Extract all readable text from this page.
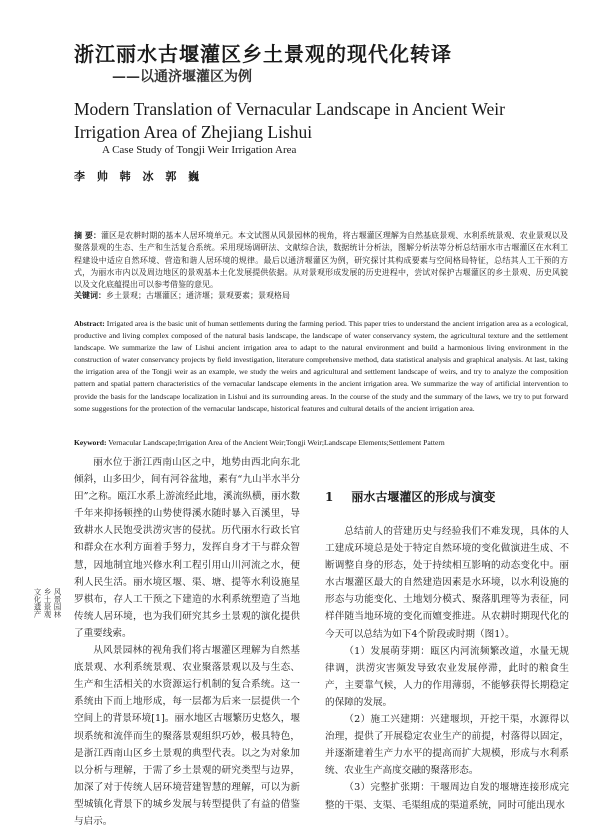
浙江丽水古堰灌区乡土景观的现代化转译
——以通济堰灌区为例
Modern Translation of Vernacular Landscape in Ancient Weir Irrigation Area of Zhejiang Lishui
A Case Study of Tongji Weir Irrigation Area
李 帅 韩 冰 郭 巍
摘 要：灌区是农耕时期的基本人居环境单元。本文试图从风景园林的视角，将古堰灌区理解为自然基底景观、水利系统景观、农业景观以及聚落景观的生态、生产和生活复合系统。采用现场调研法、文献综合法，数据统计分析法，图解分析法等分析总结丽水市古堰灌区在水利工程建设中适应自然环境、营造和谐人居环境的规律。最后以通济堰灌区为例，研究探讨其构成要素与空间格局特征，总结其人工干预的方式，为丽水市内以及周边地区的景观基本土化发展提供依据。从对景观形成发展的历史进程中，尝试对保护古堰灌区的乡土景观、历史风貌以及文化底蕴提出可以参考借鉴的意见。
关键词：乡土景观；古堰灌区；通济堰；景观要素；景观格局
Abstract: Irrigated area is the basic unit of human settlements during the farming period. This paper tries to understand the ancient irrigation area as a ecological, productive and living complex composed of the natural basis landscape, the landscape of water conservancy system, the agricultural texture and the settlement landscape. We summarize the law of Lishui ancient irrigation area to adapt to the natural environment and build a harmonious living environment in the construction of water conservancy projects by field investigation, literature comprehensive method, data statistical analysis and graphical analysis. At last, taking the irrigation area of the Tongji weir as an example, we study the weirs and agricultural and settlement landscape of weirs, and try to analyze the composition pattern and spatial pattern characteristics of the vernacular landscape elements in the ancient irrigation area. We summarize the way of artificial intervention to provide the basis for the landscape localization in Lishui and its surrounding areas. In the course of the study and the summary of the laws, we try to put forward some suggestions for the protection of the vernacular landscape, historical features and cultural details of the ancient irrigation area.
Keyword: Vernacular Landscape;Irrigation Area of the Ancient Weir;Tongji Weir;Landscape Elements;Settlement Pattern
风景园林
乡土景观
文化遗产

丽水位于浙江西南山区之中，地势由西北向东北倾斜，山多田少，间有河谷盆地，素有“九山半水半分田”之称。瓯江水系上游流经此地，溪流纵横，丽水数千年来抑扬顿挫的山势使得溪水随时暴入百溪里，导致耕水人民饱受洪涝灾害的侵扰。历代丽水行政长官和群众在水利方面着手努力，发挥自身才干与群众智慧，因地制宜地兴修水利工程引用山川河流之水，便利人民生活。丽水境区堰、渠、塘、提等水利设施星罗棋布，存人工干预之下建造的水利系统塑造了当地传统人居环境，也为我们研究其乡土景观的演化提供了重要线索。

从风景园林的视角我们将古堰灌区理解为自然基底景观、水利系统景观、农业聚落景观以及与生态、生产和生活相关的水资源运行机制的复合系统。这一系统由下而上地形成，每一层都为后来一层提供一个空间上的背景环境[1]。丽水地区古堰繁历史悠久，堰坝系统和流伴而生的聚落景观组织巧妙，极具特色，是浙江西南山区乡土景观的典型代表。以之为对象加以分析与理解，于需了乡土景观的研究类型与边界，加深了对于传统人居环境营建智慧的理解，可以为新型城镇化背景下的城乡发展与转型提供了有益的借鉴与启示。

1 丽水古堰灌区的形成与演变

总结前人的营建历史与经验我们不难发现，具体的人工建成环境总是处于特定自然环境的变化做演进生成、不断调整自身的形态，处于持续相互影响的动态变化中。丽水古堰灌区最大的自然建造因素是水环境，以水利设施的形态与功能变化、土地划分模式、聚落肌理等为表征，同样伴随当地环境的变化而嬗变推进。从农耕时期现代化的今天可以总结为如下4个阶段或时期（图1）。

（1）发展萌芽期：瓯区内河流频繁改道，水量无规律调，洪涝灾害频发导致农业发展停滞，此时的粮食生产，主要靠气候，人力的作用薄弱，不能够获得长期稳定的保障的发展。

（2）施工兴建期：兴建堰坝，开挖干渠，水源得以治理，提供了开展稳定农业生产的前提，村落得以固定，并逐渐建着生产力水平的提高而扩大规模，形成与水利系统、农业生产高度交融的聚落形态。

（3）完整扩张期：干堰周边自发的堰塘连接形成完整的干渠、支渠、毛渠组成的渠道系统，同时可能出现水
